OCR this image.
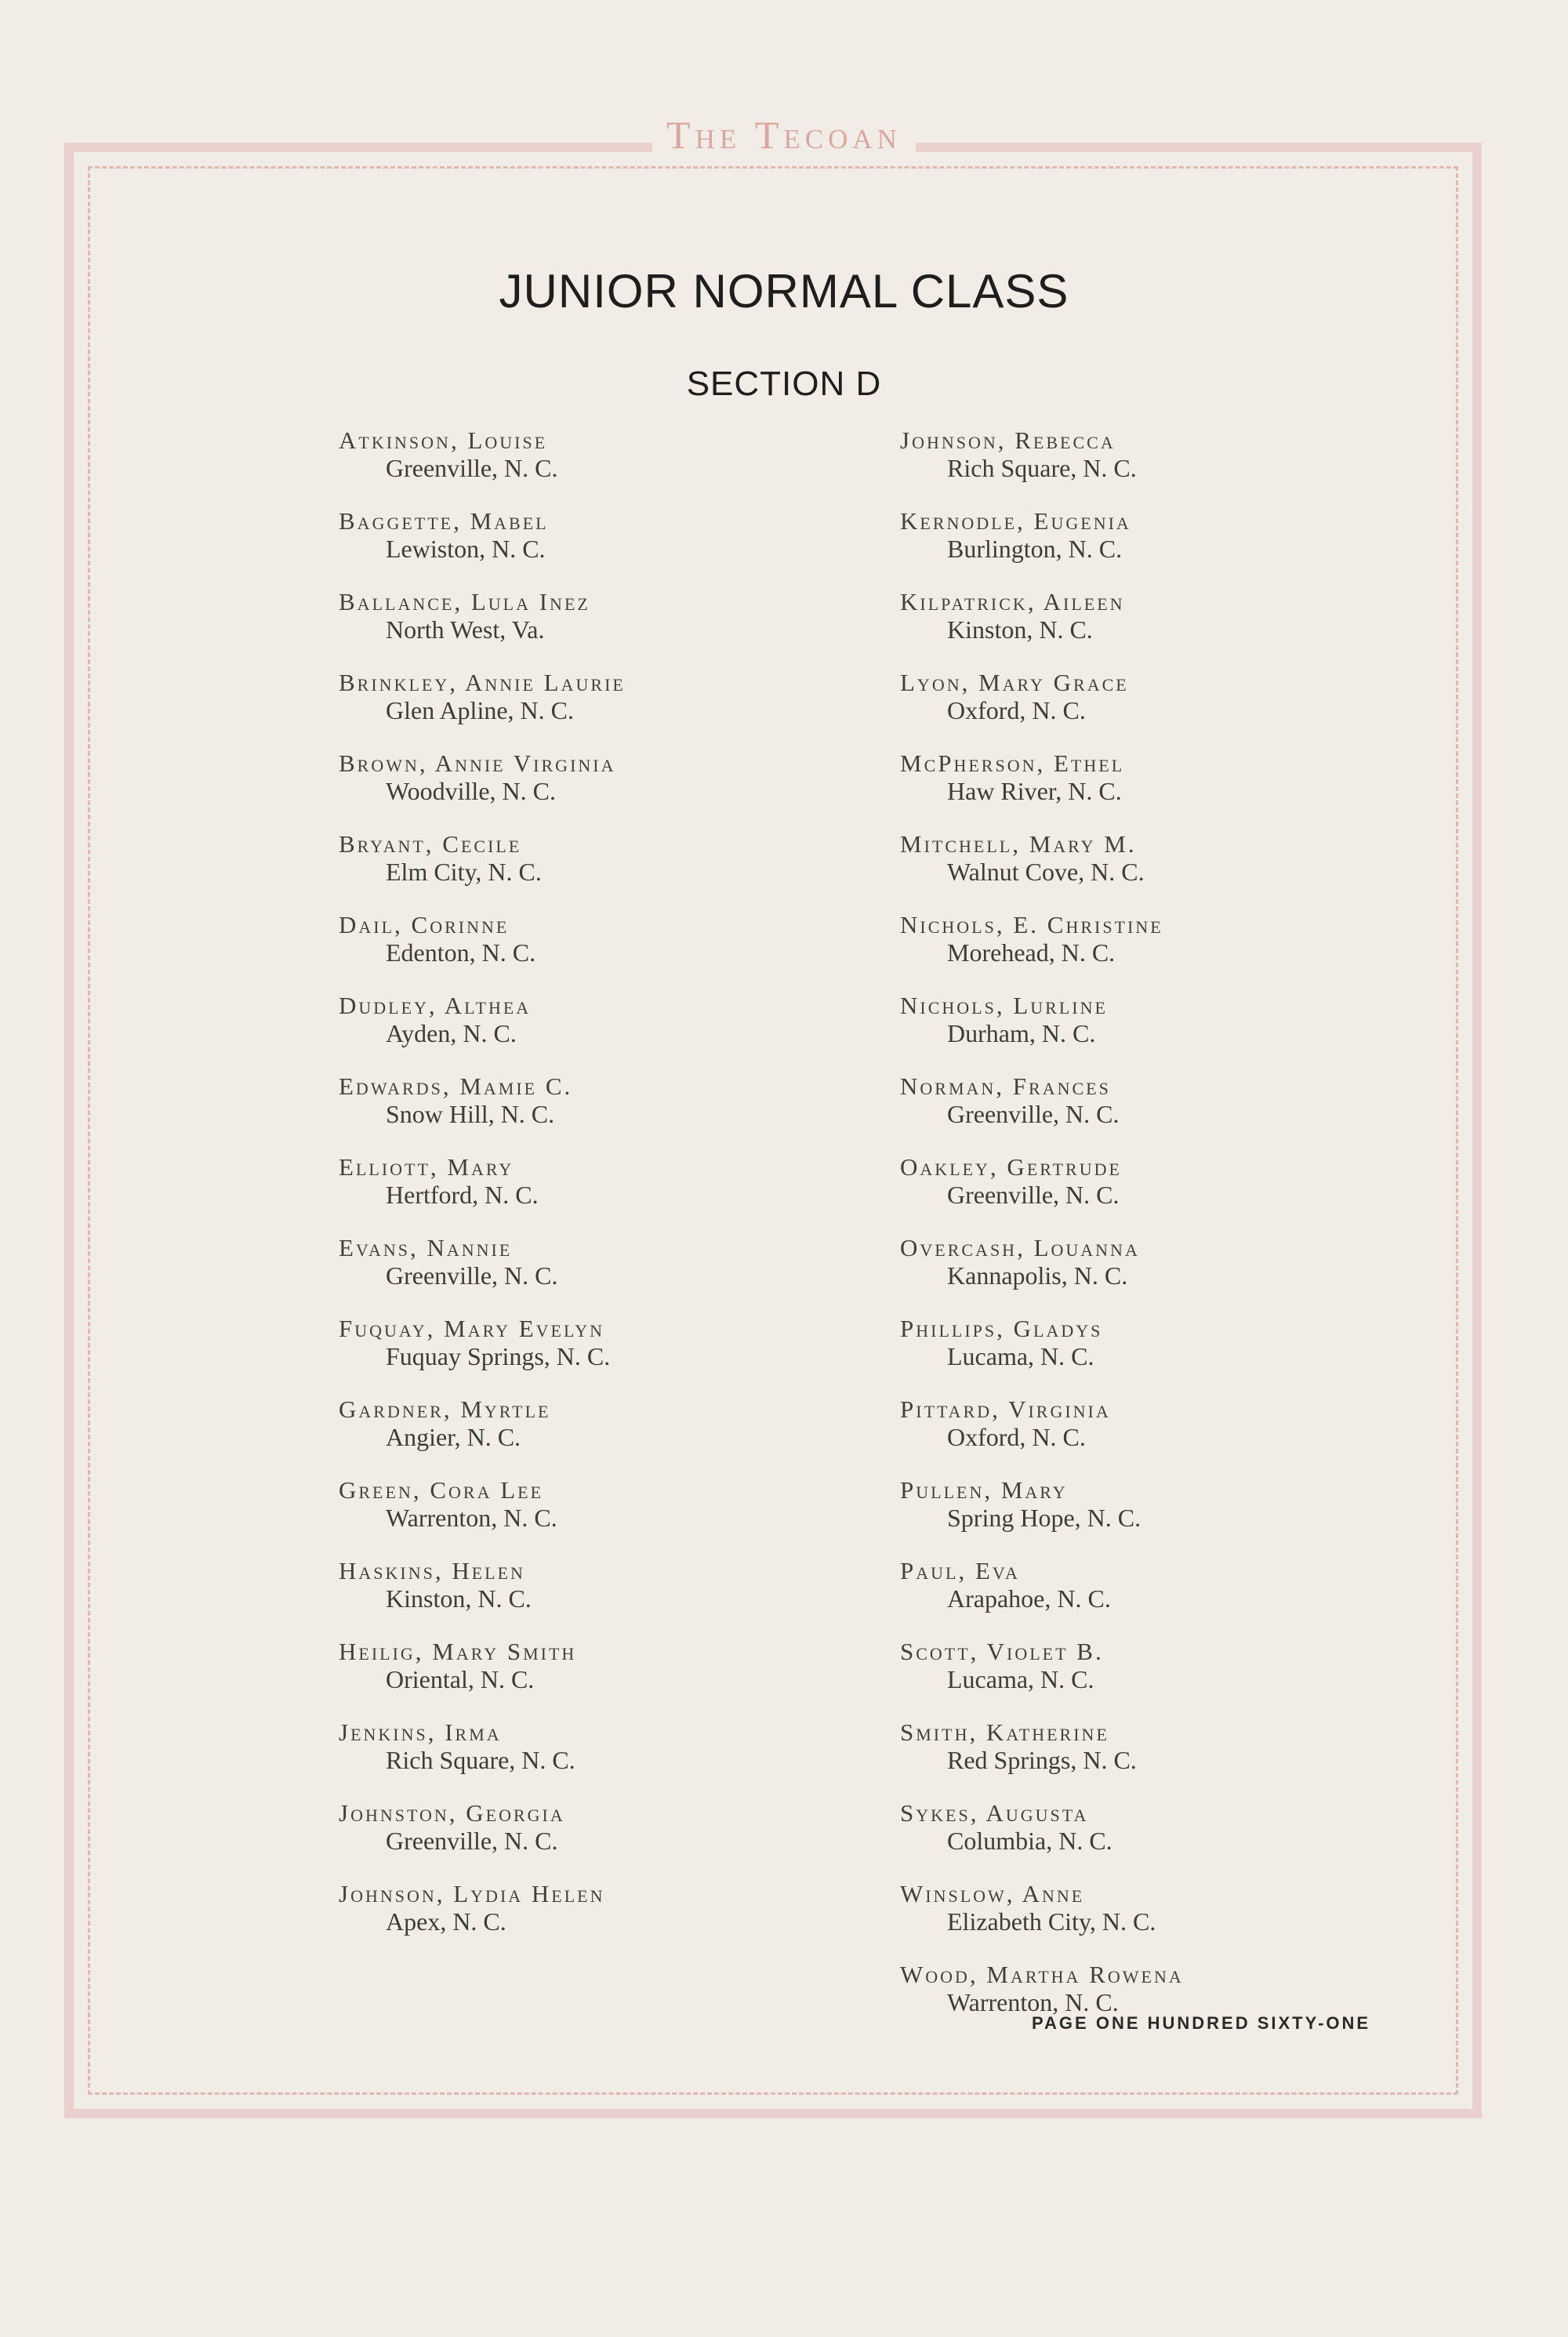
The Tecoan
JUNIOR NORMAL CLASS
SECTION D
Atkinson, Louise
Greenville, N. C.
Baggette, Mabel
Lewiston, N. C.
Ballance, Lula Inez
North West, Va.
Brinkley, Annie Laurie
Glen Apline, N. C.
Brown, Annie Virginia
Woodville, N. C.
Bryant, Cecile
Elm City, N. C.
Dail, Corinne
Edenton, N. C.
Dudley, Althea
Ayden, N. C.
Edwards, Mamie C.
Snow Hill, N. C.
Elliott, Mary
Hertford, N. C.
Evans, Nannie
Greenville, N. C.
Fuquay, Mary Evelyn
Fuquay Springs, N. C.
Gardner, Myrtle
Angier, N. C.
Green, Cora Lee
Warrenton, N. C.
Haskins, Helen
Kinston, N. C.
Heilig, Mary Smith
Oriental, N. C.
Jenkins, Irma
Rich Square, N. C.
Johnston, Georgia
Greenville, N. C.
Johnson, Lydia Helen
Apex, N. C.
Johnson, Rebecca
Rich Square, N. C.
Kernodle, Eugenia
Burlington, N. C.
Kilpatrick, Aileen
Kinston, N. C.
Lyon, Mary Grace
Oxford, N. C.
McPherson, Ethel
Haw River, N. C.
Mitchell, Mary M.
Walnut Cove, N. C.
Nichols, E. Christine
Morehead, N. C.
Nichols, Lurline
Durham, N. C.
Norman, Frances
Greenville, N. C.
Oakley, Gertrude
Greenville, N. C.
Overcash, Louanna
Kannapolis, N. C.
Phillips, Gladys
Lucama, N. C.
Pittard, Virginia
Oxford, N. C.
Pullen, Mary
Spring Hope, N. C.
Paul, Eva
Arapahoe, N. C.
Scott, Violet B.
Lucama, N. C.
Smith, Katherine
Red Springs, N. C.
Sykes, Augusta
Columbia, N. C.
Winslow, Anne
Elizabeth City, N. C.
Wood, Martha Rowena
Warrenton, N. C.
PAGE ONE HUNDRED SIXTY-ONE
